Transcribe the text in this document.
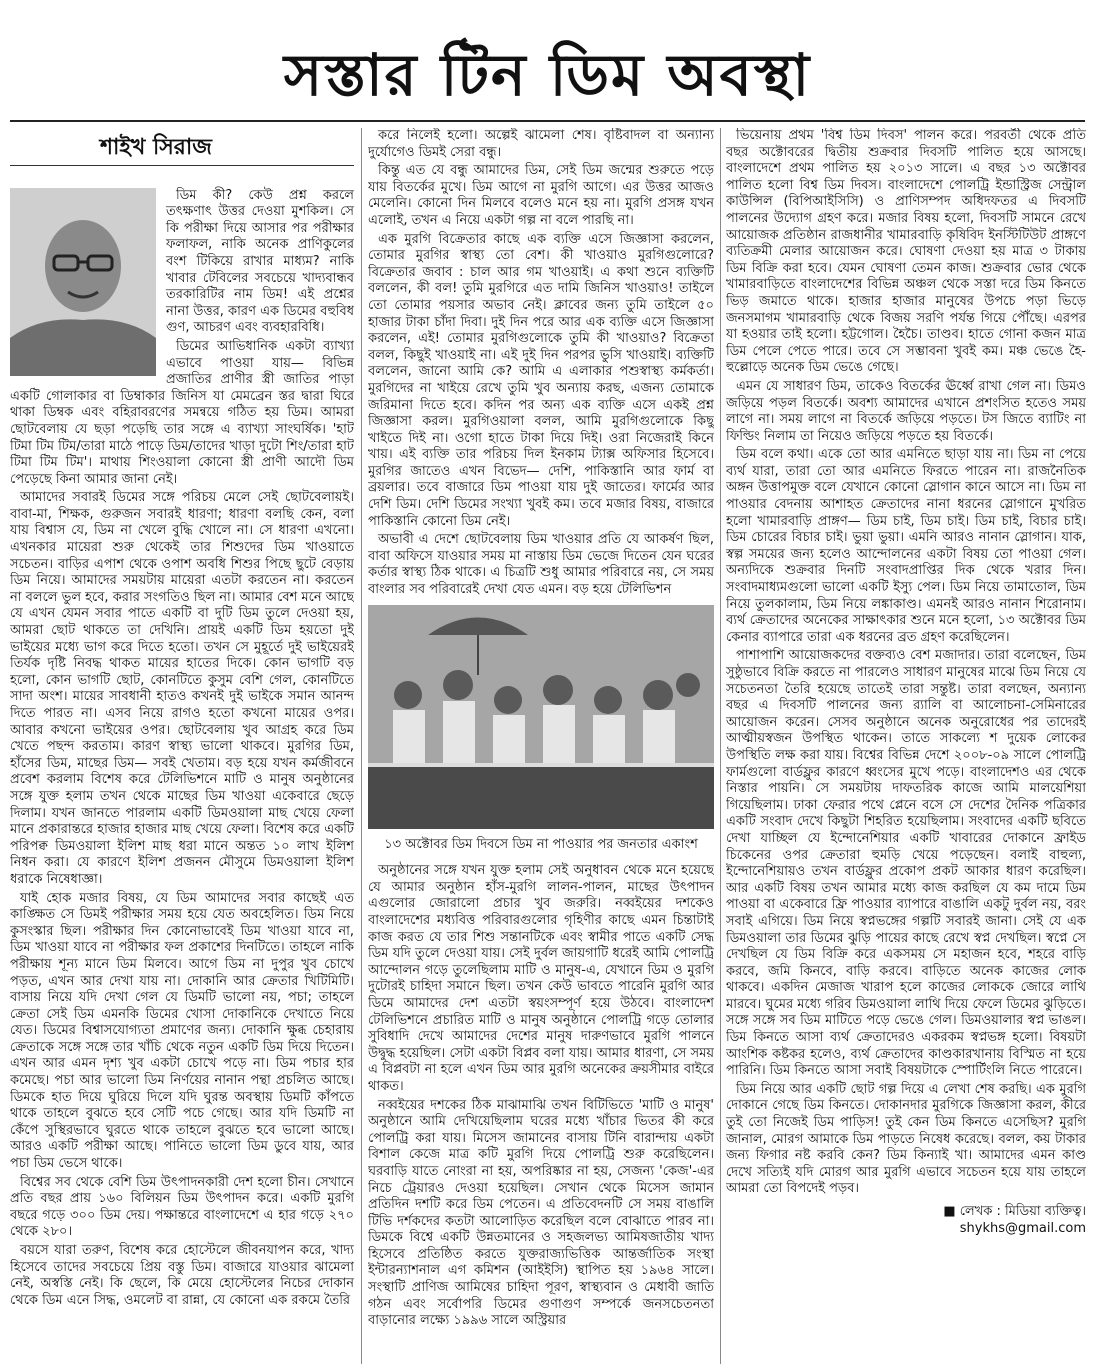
সস্তার টিন ডিম অবস্থা
শাইখ সিরাজ

ডিম কী? কেউ প্রশ্ন করলে তৎক্ষণাৎ উত্তর দেওয়া মুশকিল। সে কি পরীক্ষা দিয়ে আসার পর পরীক্ষার ফলাফল, নাকি অনেক প্রাণিকুলের বংশ টিকিয়ে রাখার মাধ্যম? নাকি খাবার টেবিলের সবচেয়ে খাদ্যবান্ধব তরকারিটির নাম ডিম! এই প্রশ্নের নানা উত্তর, কারণ এক ডিমের বহুবিধ গুণ, আচরণ এবং ব্যবহারবিধি।

ডিমের আভিধানিক একটা ব্যাখ্যা এভাবে পাওয়া যায়— বিভিন্ন প্রজাতির প্রাণীর স্ত্রী জাতির পাড়া একটি গোলাকার বা ডিম্বাকার জিনিস যা মেমব্রেন স্তর দ্বারা ঘিরে থাকা ডিম্বক এবং বহিরাবরণের সমন্বয়ে গঠিত হয় ডিম। আমরা ছোটবেলায় যে ছড়া পড়েছি তার সঙ্গে এ ব্যাখ্যা সাংঘর্ষিক। 'হাট টিমা টিম টিম/তারা মাঠে পাড়ে ডিম/তাদের খাড়া দুটো শিং/তারা হাট টিমা টিম টিম'। মাথায় শিংওয়ালা কোনো স্ত্রী প্রাণী আদৌ ডিম পেড়েছে কিনা আমার জানা নেই।

আমাদের সবারই ডিমের সঙ্গে পরিচয় মেলে সেই ছোটবেলায়ই। বাবা-মা, শিক্ষক, গুরুজন সবারই ধারণা; ধারণা বলছি কেন, বলা যায় বিশ্বাস যে, ডিম না খেলে বুদ্ধি খোলে না। সে ধারণা এখনো। এখনকার মায়েরা শুরু থেকেই তার শিশুদের ডিম খাওয়াতে সচেতন। বাড়ির এপাশ থেকে ওপাশ অবধি শিশুর পিছে ছুটে বেড়ায় ডিম নিয়ে। আমাদের সময়টায় মায়েরা এতটা করতেন না। করতেন না বললে ভুল হবে, করার সংগতিও ছিল না। আমার বেশ মনে আছে যে এখন যেমন সবার পাতে একটি বা দুটি ডিম তুলে দেওয়া হয়, আমরা ছোট থাকতে তা দেখিনি। প্রায়ই একটি ডিম হয়তো দুই ভাইয়ের মধ্যে ভাগ করে দিতে হতো। তখন সে মুহূর্তে দুই ভাইয়েরই তির্যক দৃষ্টি নিবদ্ধ থাকত মায়ের হাতের দিকে। কোন ভাগটি বড় হলো, কোন ভাগটি ছোট, কোনটিতে কুসুম বেশি গেল, কোনটিতে সাদা অংশ। মায়ের সাবধানী হাতও কখনই দুই ভাইকে সমান আনন্দ দিতে পারত না। এসব নিয়ে রাগও হতো কখনো মায়ের ওপর। আবার কখনো ভাইয়ের ওপর। ছোটবেলায় খুব আগ্রহ করে ডিম খেতে পছন্দ করতাম। কারণ স্বাস্থ্য ভালো থাকবে। মুরগির ডিম, হাঁসের ডিম, মাছের ডিম— সবই খেতাম। বড় হয়ে যখন কর্মজীবনে প্রবেশ করলাম বিশেষ করে টেলিভিশনে মাটি ও মানুষ অনুষ্ঠানের সঙ্গে যুক্ত হলাম তখন থেকে মাছের ডিম খাওয়া একেবারে ছেড়ে দিলাম। যখন জানতে পারলাম একটি ডিমওয়ালা মাছ খেয়ে ফেলা মানে প্রকারান্তরে হাজার হাজার মাছ খেয়ে ফেলা। বিশেষ করে একটি পরিপক্ব ডিমওয়ালা ইলিশ মাছ ধরা মানে অন্তত ১০ লাখ ইলিশ নিধন করা। যে কারণে ইলিশ প্রজনন মৌসুমে ডিমওয়ালা ইলিশ ধরাকে নিষেধাজ্ঞা।

যাই হোক মজার বিষয়, যে ডিম আমাদের সবার কাছেই এত কাঙ্ক্ষিত সে ডিমই পরীক্ষার সময় হয়ে যেত অবহেলিত। ডিম নিয়ে কুসংস্কার ছিল। পরীক্ষার দিন কোনোভাবেই ডিম খাওয়া যাবে না, ডিম খাওয়া যাবে না পরীক্ষার ফল প্রকাশের দিনটিতে। তাহলে নাকি পরীক্ষায় শূন্য মানে ডিম মিলবে। আগে ডিম না দুপুর খুব চোখে পড়ত, এখন আর দেখা যায় না। দোকানি আর ক্রেতার খিটিমিটি। বাসায় নিয়ে যদি দেখা গেল যে ডিমটি ভালো নয়, পচা; তাহলে ক্রেতা সেই ডিম এমনকি ডিমের খোসা দোকানিকে দেখাতে নিয়ে যেত। ডিমের বিশ্বাসযোগ্যতা প্রমাণের জন্য। দোকানি ক্ষুব্ধ চেহারায় ক্রেতাকে সঙ্গে সঙ্গে তার খাঁচি থেকে নতুন একটি ডিম দিয়ে দিতেন। এখন আর এমন দৃশ্য খুব একটা চোখে পড়ে না। ডিম পচার হার কমেছে। পচা আর ভালো ডিম নির্ণয়ের নানান পন্থা প্রচলিত আছে। ডিমকে হাত দিয়ে ঘুরিয়ে দিলে যদি ঘুরন্ত অবস্থায় ডিমটি কাঁপতে থাকে তাহলে বুঝতে হবে সেটি পচে গেছে। আর যদি ডিমটি না কেঁপে সুস্থিরভাবে ঘুরতে থাকে তাহলে বুঝতে হবে ভালো আছে। আরও একটি পরীক্ষা আছে। পানিতে ভালো ডিম ডুবে যায়, আর পচা ডিম ভেসে থাকে।

বিশ্বের সব থেকে বেশি ডিম উৎপাদনকারী দেশ হলো চীন। সেখানে প্রতি বছর প্রায় ১৬০ বিলিয়ন ডিম উৎপাদন করে। একটি মুরগি বছরে গড়ে ৩০০ ডিম দেয়। পক্ষান্তরে বাংলাদেশে এ হার গড়ে ২৭০ থেকে ২৮০।

বয়সে যারা তরুণ, বিশেষ করে হোস্টেলে জীবনযাপন করে, খাদ্য হিসেবে তাদের সবচেয়ে প্রিয় বস্তু ডিম। বাজারে যাওয়ার ঝামেলা নেই, অস্বস্তি নেই। কি ছেলে, কি মেয়ে হোস্টেলের নিচের দোকান থেকে ডিম এনে সিদ্ধ, ওমলেট বা রান্না, যে কোনো এক রকমে তৈরি

করে নিলেই হলো। অল্পেই ঝামেলা শেষ। বৃষ্টিবাদল বা অন্যান্য দুর্যোগেও ডিমই সেরা বন্ধু।

কিন্তু এত যে বন্ধু আমাদের ডিম, সেই ডিম জন্মের শুরুতে পড়ে যায় বিতর্কের মুখে। ডিম আগে না মুরগি আগে। এর উত্তর আজও মেলেনি। কোনো দিন মিলবে বলেও মনে হয় না। মুরগি প্রসঙ্গ যখন এলোই, তখন এ নিয়ে একটা গল্প না বলে পারছি না।

এক মুরগি বিক্রেতার কাছে এক ব্যক্তি এসে জিজ্ঞাসা করলেন, তোমার মুরগির স্বাস্থ্য তো বেশ। কী খাওয়াও মুরগিগুলোরে? বিক্রেতার জবাব : চাল আর গম খাওয়াই। এ কথা শুনে ব্যক্তিটি বললেন, কী বল! তুমি মুরগিরে এত দামি জিনিস খাওয়াও! তাইলে তো তোমার পয়সার অভাব নেই। ক্লাবের জন্য তুমি তাইলে ৫০ হাজার টাকা চাঁদা দিবা। দুই দিন পরে আর এক ব্যক্তি এসে জিজ্ঞাসা করলেন, এই! তোমার মুরগিগুলোকে তুমি কী খাওয়াও? বিক্রেতা বলল, কিছুই খাওয়াই না। এই দুই দিন পরপর ভুসি খাওয়াই। ব্যক্তিটি বললেন, জানো আমি কে? আমি এ এলাকার পশুস্বাস্থ্য কর্মকর্তা। মুরগিদের না খাইয়ে রেখে তুমি খুব অন্যায় করছ, এজন্য তোমাকে জরিমানা দিতে হবে। কদিন পর অন্য এক ব্যক্তি এসে একই প্রশ্ন জিজ্ঞাসা করল। মুরগিওয়ালা বলল, আমি মুরগিগুলোকে কিছু খাইতে দিই না। ওগো হাতে টাকা দিয়ে দিই। ওরা নিজেরাই কিনে খায়। এই ব্যক্তি তার পরিচয় দিল ইনকাম ট্যাক্স অফিসার হিসেবে। মুরগির জাতেও এখন বিভেদ— দেশি, পাকিস্তানি আর ফার্ম বা ব্রয়লার। তবে বাজারে ডিম পাওয়া যায় দুই জাতের। ফার্মের আর দেশি ডিম। দেশি ডিমের সংখ্যা খুবই কম। তবে মজার বিষয়, বাজারে পাকিস্তানি কোনো ডিম নেই।

অভাবী এ দেশে ছোটবেলায় ডিম খাওয়ার প্রতি যে আকর্ষণ ছিল, বাবা অফিসে যাওয়ার সময় মা নাস্তায় ডিম ভেজে দিতেন যেন ঘরের কর্তার স্বাস্থ্য ঠিক থাকে। এ চিত্রটি শুধু আমার পরিবারে নয়, সে সময় বাংলার সব পরিবারেই দেখা যেত এমন। বড় হয়ে টেলিভিশন

১৩ অক্টোবর ডিম দিবসে ডিম না পাওয়ার পর জনতার একাংশ

অনুষ্ঠানের সঙ্গে যখন যুক্ত হলাম সেই অনুধাবন থেকে মনে হয়েছে যে আমার অনুষ্ঠান হাঁস-মুরগি লালন-পালন, মাছের উৎপাদন এগুলোর জোরালো প্রচার খুব জরুরি। নব্বইয়ের দশকেও বাংলাদেশের মধ্যবিত্ত পরিবারগুলোর গৃহিণীর কাছে এমন চিন্তাটাই কাজ করত যে তার শিশু সন্তানটিকে এবং স্বামীর পাতে একটি সেদ্ধ ডিম যদি তুলে দেওয়া যায়। সেই দুর্বল জায়গাটি ধরেই আমি পোলট্রি আন্দোলন গড়ে তুলেছিলাম মাটি ও মানুষ-এ, যেখানে ডিম ও মুরগি দুটোরই চাহিদা সমানে ছিল। তখন কেউ ভাবতে পারেনি মুরগি আর ডিমে আমাদের দেশ এতটা স্বয়ংসম্পূর্ণ হয়ে উঠবে। বাংলাদেশ টেলিভিশনে প্রচারিত মাটি ও মানুষ অনুষ্ঠানে পোলট্রি গড়ে তোলার সুবিধাদি দেখে আমাদের দেশের মানুষ দারুণভাবে মুরগি পালনে উদ্বুদ্ধ হয়েছিল। সেটা একটা বিপ্লব বলা যায়। আমার ধারণা, সে সময় এ বিপ্লবটা না হলে এখন ডিম আর মুরগি অনেকের ক্রয়সীমার বাইরে থাকত।

নব্বইয়ের দশকের ঠিক মাঝামাঝি তখন বিটিভিতে 'মাটি ও মানুষ' অনুষ্ঠানে আমি দেখিয়েছিলাম ঘরের মধ্যে খাঁচার ভিতর কী করে পোলট্রি করা যায়। মিসেস জামানের বাসায় টিনি বারান্দায় একটা বিশাল কেজে মাত্র কটি মুরগি দিয়ে পোলট্রি শুরু করেছিলেন। ঘরবাড়ি যাতে নোংরা না হয়, অপরিষ্কার না হয়, সেজন্য 'কেজ'-এর নিচে ট্রেয়ারও দেওয়া হয়েছিল। সেখান থেকে মিসেস জামান প্রতিদিন দশটি করে ডিম পেতেন। এ প্রতিবেদনটি সে সময় বাঙালি টিভি দর্শকদের কতটা আলোড়িত করেছিল বলে বোঝাতে পারব না। ডিমকে বিশ্বে একটি উন্নতমানের ও সহজলভ্য আমিষজাতীয় খাদ্য হিসেবে প্রতিষ্ঠিত করতে যুক্তরাজ্যভিত্তিক আন্তর্জাতিক সংস্থা ইন্টারন্যাশনাল এগ কমিশন (আইইসি) স্থাপিত হয় ১৯৬৪ সালে। সংস্থাটি প্রাণিজ আমিষের চাহিদা পূরণ, স্বাস্থ্যবান ও মেধাবী জাতি গঠন এবং সর্বোপরি ডিমের গুণাগুণ সম্পর্কে জনসচেতনতা বাড়ানোর লক্ষ্যে ১৯৯৬ সালে অস্ট্রিয়ার

ভিয়েনায় প্রথম 'বিশ্ব ডিম দিবস' পালন করে। পরবর্তী থেকে প্রতি বছর অক্টোবরের দ্বিতীয় শুক্রবার দিবসটি পালিত হয়ে আসছে। বাংলাদেশে প্রথম পালিত হয় ২০১৩ সালে। এ বছর ১৩ অক্টোবর পালিত হলো বিশ্ব ডিম দিবস। বাংলাদেশে পোলট্রি ইন্ডাস্ট্রিজ সেন্ট্রাল কাউন্সিল (বিপিআইসিসি) ও প্রাণিসম্পদ অধিদফতর এ দিবসটি পালনের উদ্যোগ গ্রহণ করে। মজার বিষয় হলো, দিবসটি সামনে রেখে আয়োজক প্রতিষ্ঠান রাজধানীর খামারবাড়ি কৃষিবিদ ইনস্টিটিউট প্রাঙ্গণে ব্যতিক্রমী মেলার আয়োজন করে। ঘোষণা দেওয়া হয় মাত্র ৩ টাকায় ডিম বিক্রি করা হবে। যেমন ঘোষণা তেমন কাজ। শুক্রবার ভোর থেকে খামারবাড়িতে বাংলাদেশের বিভিন্ন অঞ্চল থেকে সস্তা দরে ডিম কিনতে ভিড় জমাতে থাকে। হাজার হাজার মানুষের উপচে পড়া ভিড়ে জনসমাগম খামারবাড়ি থেকে বিজয় সরণি পর্যন্ত গিয়ে পৌঁছে। এরপর যা হওয়ার তাই হলো। হট্টগোল। হৈচৈ। তাণ্ডব। হাতে গোনা কজন মাত্র ডিম পেলে পেতে পারে। তবে সে সম্ভাবনা খুবই কম। মঞ্চ ভেঙে হৈ-হুল্লোড়ে অনেক ডিম ভেঙে গেছে।

এমন যে সাধারণ ডিম, তাকেও বিতর্কের ঊর্ধ্বে রাখা গেল না। ডিমও জড়িয়ে পড়ল বিতর্কে। অবশ্য আমাদের এখানে প্রশংসিত হতেও সময় লাগে না। সময় লাগে না বিতর্কে জড়িয়ে পড়তে। টস জিতে ব্যাটিং না ফিল্ডিং নিলাম তা নিয়েও জড়িয়ে পড়তে হয় বিতর্কে।

ডিম বলে কথা। একে তো আর এমনিতে ছাড়া যায় না। ডিম না পেয়ে ব্যর্থ যারা, তারা তো আর এমনিতে ফিরতে পারেন না। রাজনৈতিক অঙ্গন উত্তাপমুক্ত বলে যেখানে কোনো স্লোগান কানে আসে না। ডিম না পাওয়ার বেদনায় আশাহত ক্রেতাদের নানা ধরনের স্লোগানে মুখরিত হলো খামারবাড়ি প্রাঙ্গণ— ডিম চাই, ডিম চাই। ডিম চাই, বিচার চাই। ডিম চোরের বিচার চাই। ভুয়া ভুয়া। এমনি আরও নানান স্লোগান। যাক, স্বল্প সময়ের জন্য হলেও আন্দোলনের একটা বিষয় তো পাওয়া গেল। অন্যদিকে শুক্রবার দিনটি সংবাদপ্রাপ্তির দিক থেকে খরার দিন। সংবাদমাধ্যমগুলো ভালো একটি ইস্যু পেল। ডিম নিয়ে তামাতোল, ডিম নিয়ে তুলকালাম, ডিম নিয়ে লঙ্কাকাণ্ড। এমনই আরও নানান শিরোনাম। ব্যর্থ ক্রেতাদের অনেকের সাক্ষাৎকার শুনে মনে হলো, ১৩ অক্টোবর ডিম কেনার ব্যাপারে তারা এক ধরনের ব্রত গ্রহণ করেছিলেন।

পাশাপাশি আয়োজকদের বক্তব্যও বেশ মজাদার। তারা বলেছেন, ডিম সুষ্ঠুভাবে বিক্রি করতে না পারলেও সাধারণ মানুষের মাঝে ডিম নিয়ে যে সচেতনতা তৈরি হয়েছে তাতেই তারা সন্তুষ্ট। তারা বলছেন, অন্যান্য বছর এ দিবসটি পালনের জন্য র‍্যালি বা আলোচনা-সেমিনারের আয়োজন করেন। সেসব অনুষ্ঠানে অনেক অনুরোধের পর তাদেরই আত্মীয়স্বজন উপস্থিত থাকেন। তাতে সাকল্যে শ দুয়েক লোকের উপস্থিতি লক্ষ করা যায়। বিশ্বের বিভিন্ন দেশে ২০০৮-০৯ সালে পোলট্রি ফার্মগুলো বার্ডফ্লুর কারণে ধ্বংসের মুখে পড়ে। বাংলাদেশও এর থেকে নিস্তার পায়নি। সে সময়টায় দাফতরিক কাজে আমি মালয়েশিয়া গিয়েছিলাম। ঢাকা ফেরার পথে প্লেনে বসে সে দেশের দৈনিক পত্রিকার একটি সংবাদ দেখে কিছুটা শিহরিত হয়েছিলাম। সংবাদের একটি ছবিতে দেখা যাচ্ছিল যে ইন্দোনেশিয়ার একটি খাবারের দোকানে ফ্রাইড চিকেনের ওপর ক্রেতারা হুমড়ি খেয়ে পড়েছেন। বলাই বাহুল্য, ইন্দোনেশিয়ায়ও তখন বার্ডফ্লুর প্রকোপ প্রকট আকার ধারণ করেছিল। আর একটি বিষয় তখন আমার মধ্যে কাজ করছিল যে কম দামে ডিম পাওয়া বা একেবারে ফ্রি পাওয়ার ব্যাপারে বাঙালি একটু দুর্বল নয়, বরং সবাই এগিয়ে। ডিম নিয়ে স্বপ্নভঙ্গের গল্পটি সবারই জানা। সেই যে এক ডিমওয়ালা তার ডিমের ঝুড়ি পায়ের কাছে রেখে স্বপ্ন দেখছিল। স্বপ্নে সে দেখছিল যে ডিম বিক্রি করে একসময় সে মহাজন হবে, শহরে বাড়ি করবে, জমি কিনবে, বাড়ি করবে। বাড়িতে অনেক কাজের লোক থাকবে। একদিন মেজাজ খারাপ হলে কাজের লোককে জোরে লাথি মারবে। ঘুমের মধ্যে গরিব ডিমওয়ালা লাথি দিয়ে ফেলে ডিমের ঝুড়িতে। সঙ্গে সঙ্গে সব ডিম মাটিতে পড়ে ভেঙে গেল। ডিমওয়ালার স্বপ্ন ভাঙল। ডিম কিনতে আসা ব্যর্থ ক্রেতাদেরও একরকম স্বপ্নভঙ্গ হলো। বিষয়টা আংশিক কষ্টকর হলেও, ব্যর্থ ক্রেতাদের কাণ্ডকারখানায় বিস্মিত না হয়ে পারিনি। ডিম কিনতে আসা সবাই বিষয়টাকে স্পোর্টিংলি নিতে পারেনে।

ডিম নিয়ে আর একটি ছোট গল্প দিয়ে এ লেখা শেষ করছি। এক মুরগি দোকানে গেছে ডিম কিনতে। দোকানদার মুরগিকে জিজ্ঞাসা করল, কীরে তুই তো নিজেই ডিম পাড়িস! তুই কেন ডিম কিনতে এসেছিস? মুরগি জানাল, মোরগ আমাকে ডিম পাড়তে নিষেধ করেছে। বলল, কয় টাকার জন্য ফিগার নষ্ট করবি কেন? ডিম কিন্যাই খা। আমাদের এমন কাণ্ড দেখে সত্যিই যদি মোরগ আর মুরগি এভাবে সচেতন হয়ে যায় তাহলে আমরা তো বিপদেই পড়ব।

■ লেখক : মিডিয়া ব্যক্তিত্ব।
shykhs@gmail.com
